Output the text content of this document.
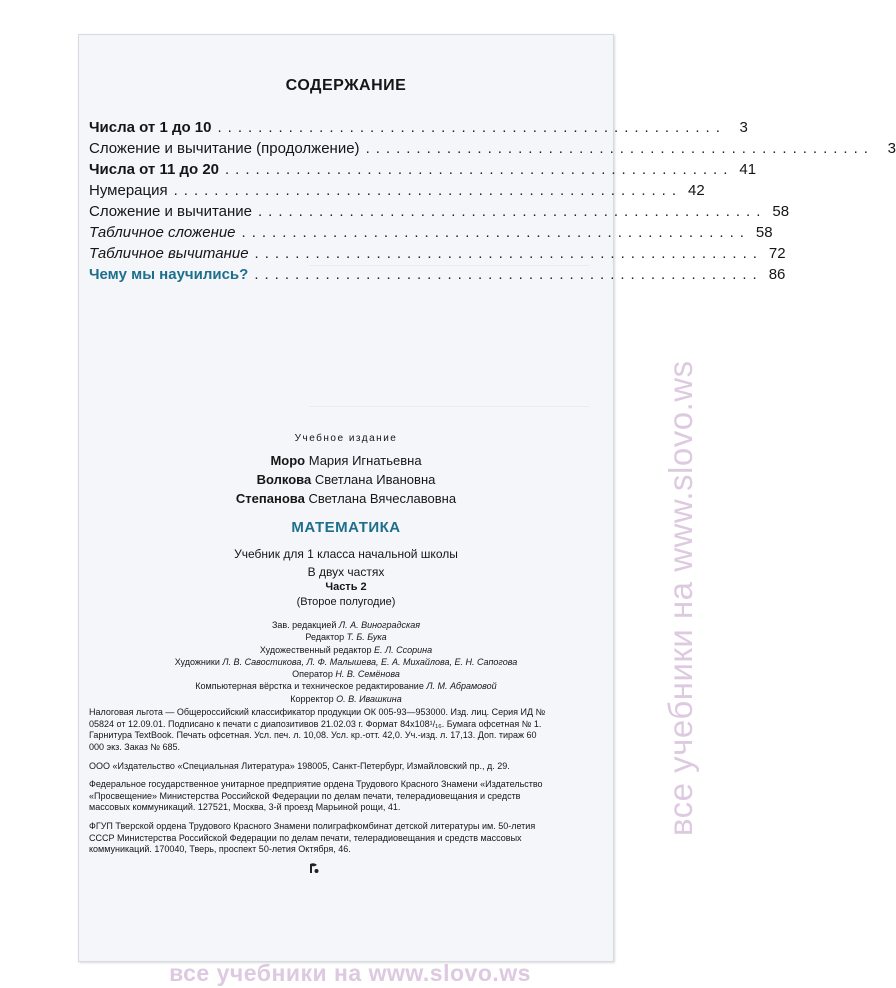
СОДЕРЖАНИЕ
Числа от 1 до 10 .................................................. 3
Сложение и вычитание (продолжение) .................................................. 3
Числа от 11 до 20 .................................................. 41
Нумерация .................................................. 42
Сложение и вычитание .................................................. 58
Табличное сложение .................................................. 58
Табличное вычитание .................................................. 72
Чему мы научились? .................................................. 86
Учебное издание
Моро Мария Игнатьевна
Волкова Светлана Ивановна
Степанова Светлана Вячеславовна
МАТЕМАТИКА
Учебник для 1 класса начальной школы
В двух частях
Часть 2
(Второе полугодие)
Зав. редакцией Л. А. Виноградская
Редактор Т. Б. Бука
Художественный редактор Е. Л. Ссорина
Художники Л. В. Савостикова, Л. Ф. Малышева, Е. А. Михайлова, Е. Н. Сапогова
Оператор Н. В. Семёнова
Компьютерная вёрстка и техническое редактирование Л. М. Абрамовой
Корректор О. В. Ивашкина
Налоговая льгота — Общероссийский классификатор продукции ОК 005-93—953000. Изд. лиц. Серия ИД № 05824 от 12.09.01. Подписано к печати с диапозитивов 21.02.03 г. Формат 84х108¹/₁₆. Бумага офсетная № 1. Гарнитура TextBook. Печать офсетная. Усл. печ. л. 10,08. Усл. кр.-отт. 42,0. Уч.-изд. л. 17,13. Доп. тираж 60 000 экз. Заказ № 685.
ООО «Издательство «Специальная Литература» 198005, Санкт-Петербург, Измайловский пр., д. 29.
Федеральное государственное унитарное предприятие ордена Трудового Красного Знамени «Издательство «Просвещение» Министерства Российской Федерации по делам печати, телерадиовещания и средств массовых коммуникаций. 127521, Москва, 3-й проезд Марьиной рощи, 41.
ФГУП Тверской ордена Трудового Красного Знамени полиграфкомбинат детской литературы им. 50-летия СССР Министерства Российской Федерации по делам печати, телерадиовещания и средств массовых коммуникаций. 170040, Тверь, проспект 50-летия Октября, 46.
все учебники на www.slovo.ws
все учебники на www.slovo.ws
